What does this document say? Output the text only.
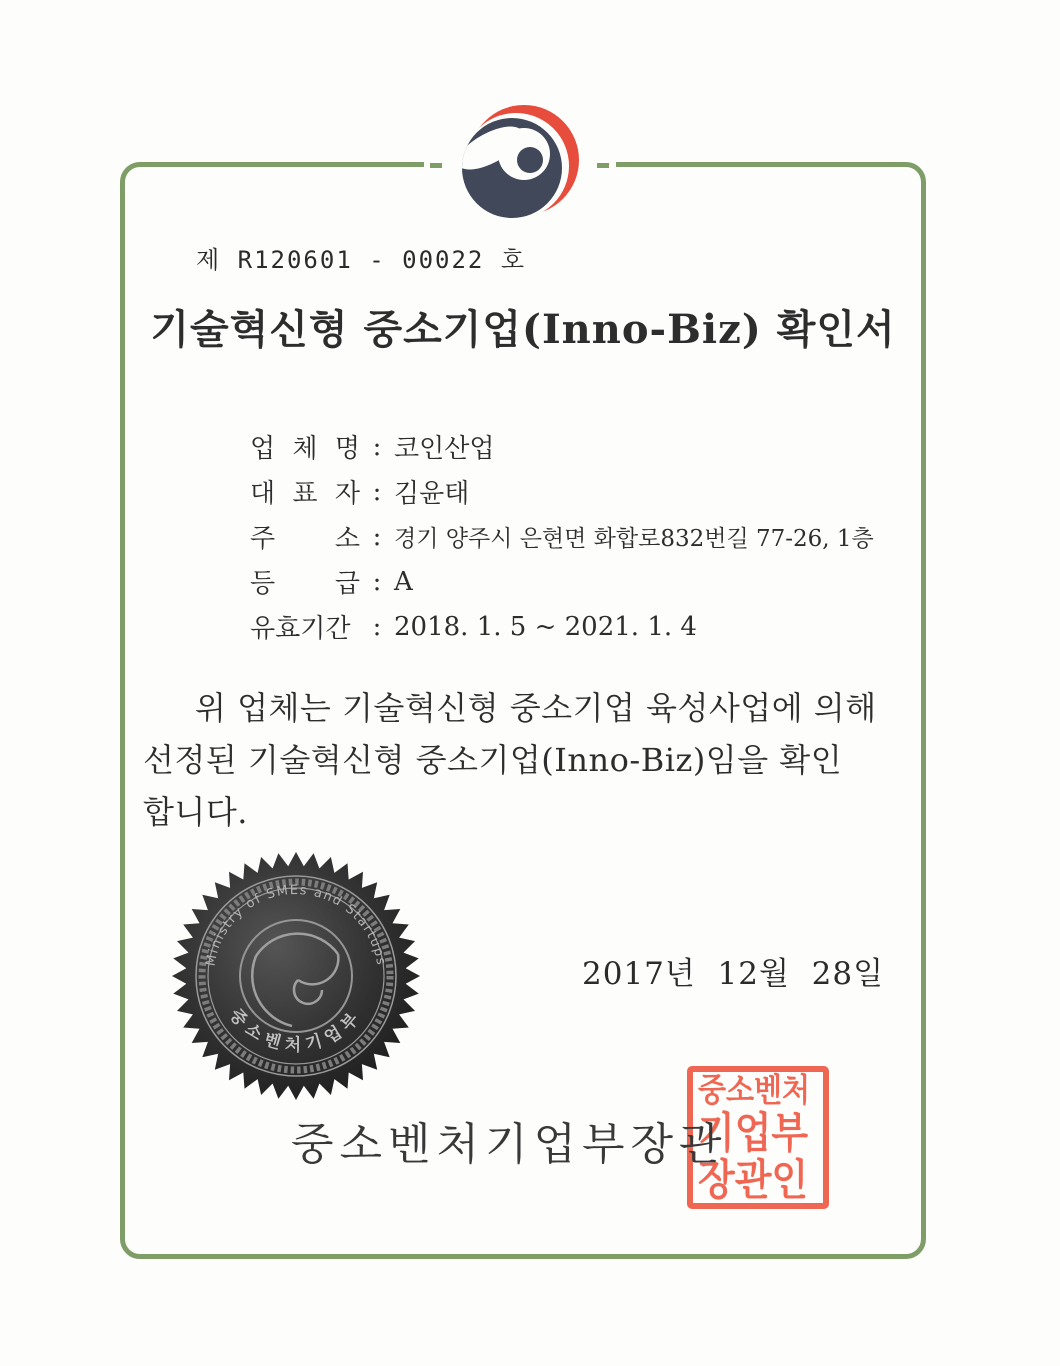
제 R120601 - 00022 호
기술혁신형 중소기업(Inno-Biz) 확인서
업 체 명 : 코인산업
대 표 자 : 김윤태
주 소 : 경기 양주시 은현면 화합로832번길 77-26, 1층
등 급 : A
유효기간 : 2018. 1. 5 ~ 2021. 1. 4
위 업체는 기술혁신형 중소기업 육성사업에 의해
선정된 기술혁신형 중소기업(Inno-Biz)임을 확인
합니다.
Ministry of SMEs and Startups
중소벤처기업부
2017년  12월  28일
중소벤처
기업부
장관인
중소벤처기업부장관
